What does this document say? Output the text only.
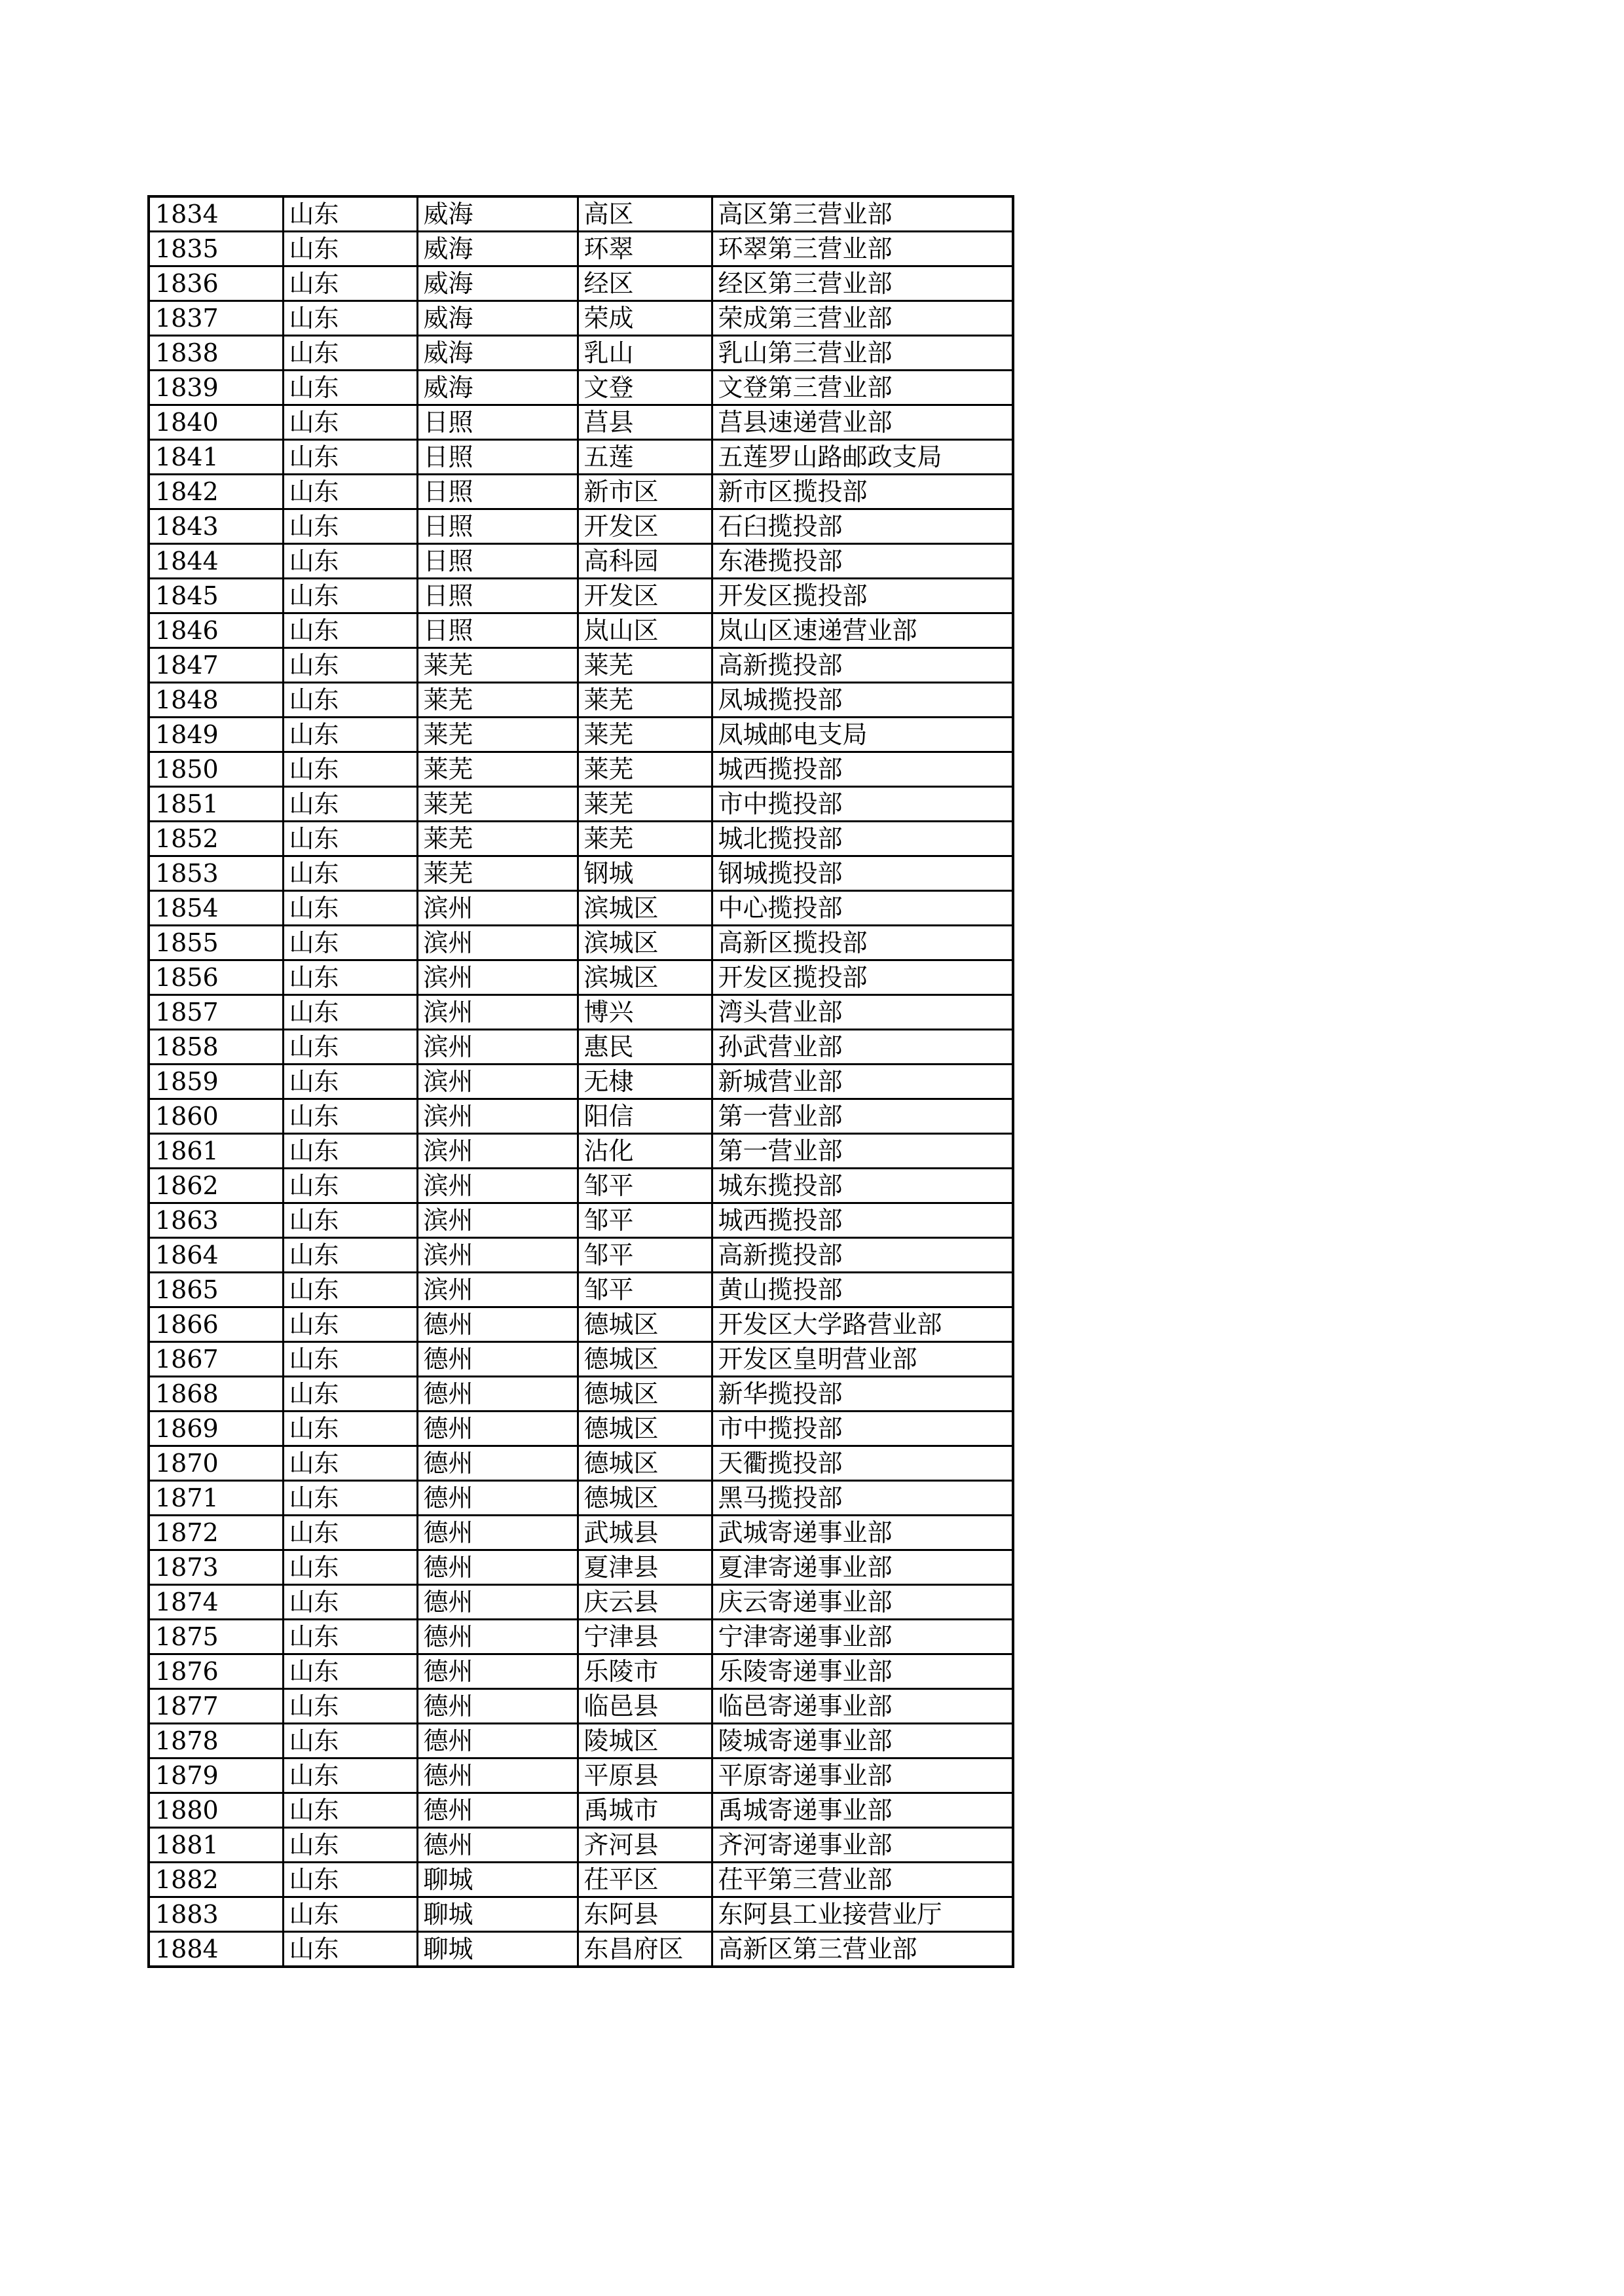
1834	山东	威海	高区	高区第三营业部
1835	山东	威海	环翠	环翠第三营业部
1836	山东	威海	经区	经区第三营业部
1837	山东	威海	荣成	荣成第三营业部
1838	山东	威海	乳山	乳山第三营业部
1839	山东	威海	文登	文登第三营业部
1840	山东	日照	莒县	莒县速递营业部
1841	山东	日照	五莲	五莲罗山路邮政支局
1842	山东	日照	新市区	新市区揽投部
1843	山东	日照	开发区	石臼揽投部
1844	山东	日照	高科园	东港揽投部
1845	山东	日照	开发区	开发区揽投部
1846	山东	日照	岚山区	岚山区速递营业部
1847	山东	莱芜	莱芜	高新揽投部
1848	山东	莱芜	莱芜	凤城揽投部
1849	山东	莱芜	莱芜	凤城邮电支局
1850	山东	莱芜	莱芜	城西揽投部
1851	山东	莱芜	莱芜	市中揽投部
1852	山东	莱芜	莱芜	城北揽投部
1853	山东	莱芜	钢城	钢城揽投部
1854	山东	滨州	滨城区	中心揽投部
1855	山东	滨州	滨城区	高新区揽投部
1856	山东	滨州	滨城区	开发区揽投部
1857	山东	滨州	博兴	湾头营业部
1858	山东	滨州	惠民	孙武营业部
1859	山东	滨州	无棣	新城营业部
1860	山东	滨州	阳信	第一营业部
1861	山东	滨州	沾化	第一营业部
1862	山东	滨州	邹平	城东揽投部
1863	山东	滨州	邹平	城西揽投部
1864	山东	滨州	邹平	高新揽投部
1865	山东	滨州	邹平	黄山揽投部
1866	山东	德州	德城区	开发区大学路营业部
1867	山东	德州	德城区	开发区皇明营业部
1868	山东	德州	德城区	新华揽投部
1869	山东	德州	德城区	市中揽投部
1870	山东	德州	德城区	天衢揽投部
1871	山东	德州	德城区	黑马揽投部
1872	山东	德州	武城县	武城寄递事业部
1873	山东	德州	夏津县	夏津寄递事业部
1874	山东	德州	庆云县	庆云寄递事业部
1875	山东	德州	宁津县	宁津寄递事业部
1876	山东	德州	乐陵市	乐陵寄递事业部
1877	山东	德州	临邑县	临邑寄递事业部
1878	山东	德州	陵城区	陵城寄递事业部
1879	山东	德州	平原县	平原寄递事业部
1880	山东	德州	禹城市	禹城寄递事业部
1881	山东	德州	齐河县	齐河寄递事业部
1882	山东	聊城	茌平区	茌平第三营业部
1883	山东	聊城	东阿县	东阿县工业接营业厅
1884	山东	聊城	东昌府区	高新区第三营业部
